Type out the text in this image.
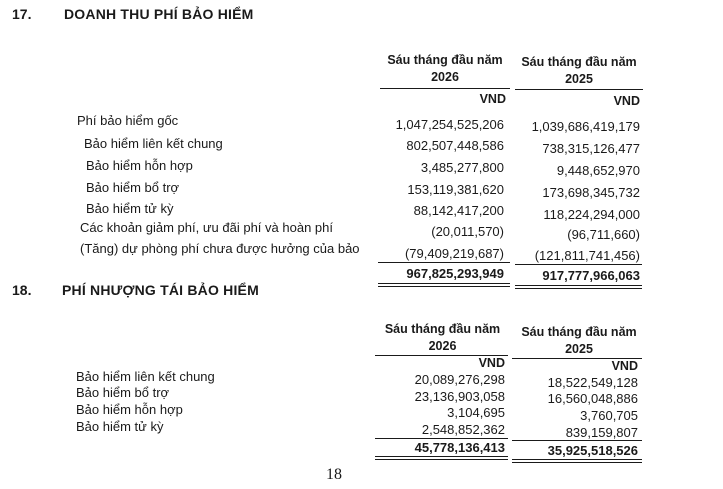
17. DOANH THU PHÍ BẢO HIỂM
Sáu tháng đầu năm
2026
Sáu tháng đầu năm
2025
VND	VND
Phí bảo hiểm gốc	1,047,254,525,206	1,039,686,419,179
Bảo hiểm liên kết chung	802,507,448,586	738,315,126,477
Bảo hiểm hỗn hợp	3,485,277,800	9,448,652,970
Bảo hiểm bổ trợ	153,119,381,620	173,698,345,732
Bảo hiểm tử kỳ	88,142,417,200	118,224,294,000
Các khoản giảm phí, ưu đãi phí và hoàn phí	(20,011,570)	(96,711,660)
(Tăng) dự phòng phí chưa được hưởng của bảo	(79,409,219,687)	(121,811,741,456)
967,825,293,949	917,777,966,063
18. PHÍ NHƯỢNG TÁI BẢO HIỂM
Sáu tháng đầu năm
2026
Sáu tháng đầu năm
2025
VND	VND
Bảo hiểm liên kết chung	20,089,276,298	18,522,549,128
Bảo hiểm bổ trợ	23,136,903,058	16,560,048,886
Bảo hiểm hỗn hợp	3,104,695	3,760,705
Bảo hiểm tử kỳ	2,548,852,362	839,159,807
45,778,136,413	35,925,518,526
18
